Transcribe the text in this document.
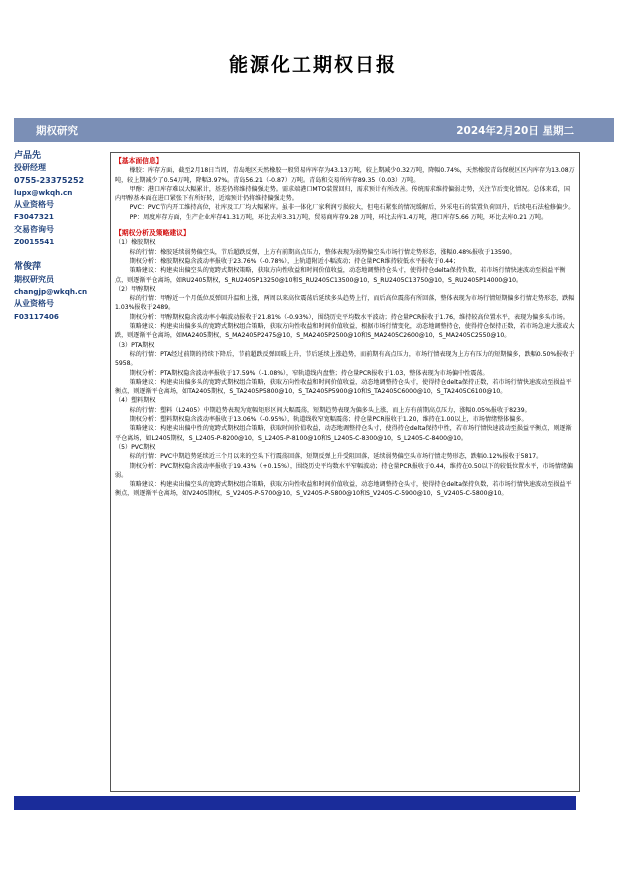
能源化工期权日报
期权研究	2024年2月20日 星期二
卢品先
投研经理
0755-23375252
lupx@wkqh.cn
从业资格号
F3047321
交易咨询号
Z0015541
常俊萍
期权研究员
changjp@wkqh.cn
从业资格号
F03117406

【基本面信息】

橡胶：库存方面，截至2月18日当周，青岛地区天然橡胶一般贸易库库存为43.13万吨，较上期减少0.32万吨，降幅0.74%，天然橡胶青岛保税区区内库存为13.08万吨，较上期减少了0.54万吨，降幅3.97%。青岛56.21（-0.87）万吨。青岛和交易所库存89.35（0.03）万吨。

甲醇：港口库存难以大幅累计，基差仍将维持偏强走势。需求端港口MTO装置回归，需求预计有所改善。传统需求维持偏弱走势，关注节后变化情况。总体来看，国内甲醇基本面在进口紧张下有所好转，近端预计仍将维持偏强走势。

PVC：PVC节内开工维持高位，社库及工厂均大幅累库。虽非一体化厂家利润亏损较大，但电石紧张的情况缓解后，外采电石的装置负荷回升，后续电石法检修偏少。

PP：周度库存方面，生产企业库存41.31万吨，环比去库3.31万吨，贸易商库存9.28 万吨，环比去库1.4万吨，港口库存5.66 万吨，环比去库0.21 万吨。

【期权分析及策略建议】

（1）橡胶期权

标的行情：橡胶延续弱势偏空头，节后超跌反弹，上方有前期高点压力，整体表现为弱势偏空头市场行情走势形态，涨幅0.48%报收于13590。

期权分析：橡胶期权隐含波动率报收于23.76%（-0.78%），上轨道附近小幅波动；持仓量PCR维持较低水平报收于0.44；

策略建议：构建卖出偏空头的宽跨式期权策略，获取方向性收益和时间价值收益，动态地调整持仓头寸，使得持仓delta保持负数，若市场行情快速波动至损益平衡点，则逐渐平仓离场，如RU2405期权，S_RU2405P13250@10和S_RU2405C13500@10，S_RU2405C13750@10，S_RU2405P14000@10。

（2）甲醇期权

标的行情：甲醇近一个月低位反弹回升温和上涨，两周以来高位震荡后延续多头趋势上行，而后高位震荡有所回落，整体表现为市场行情短期偏多行情走势形态，跌幅1.03%报收于2489。

期权分析：甲醇期权隐含波动率小幅波动报收于21.81%（-0.93%），围绕历史平均数水平波动；持仓量PCR报收于1.76，维持较高位置水平，表现为偏多头市场。

策略建议：构建卖出偏多头的宽跨式期权组合策略，获取方向性收益和时间价值收益，根据市场行情变化，动态地调整持仓，使得持仓保持正数，若市场急速大涨或大跌，则逐渐平仓离场，如MA2405期权，S_MA2405P2475@10，S_MA2405P2500@10和S_MA2405C2600@10，S_MA2405C2550@10。

（3）PTA期权

标的行情：PTA经过前期的持续下降后，节前超跌反弹回暖上升，节后延续上涨趋势，而前期有高点压力，市场行情表现为上方有压力的短期偏多，跌幅0.50%报收于5958。

期权分析：PTA期权隐含波动率报收于17.59%（-1.08%），窄轨道线内盘整；持仓量PCR报收于1.03，整体表现为市场偏中性震荡。

策略建议：构建卖出偏多头的宽跨式期权组合策略，获取方向性收益和时间价值收益，动态地调整持仓头寸，使得持仓delta保持正数，若市场行情快速波动至损益平衡点，则逐渐平仓离场，如TA2405期权，S_TA2405P5800@10，S_TA2405P5900@10和S_TA2405C6000@10，S_TA2405C6100@10。

（4）塑料期权

标的行情：塑料（L2405）中期趋势表现为宽幅矩形区间大幅震荡，短期趋势表现为偏多头上涨，而上方有前期高点压力，涨幅0.05%报收于8239。

期权分析：塑料期权隐含波动率报收于13.06%（-0.95%），轨道线收窄宽幅震荡；持仓量PCR报收于1.20，维持在1.00以上，市场情绪整体偏多。

策略建议：构建卖出偏中性的宽跨式期权组合策略，获取时间价值收益，动态地调整持仓头寸，使得持仓delta保持中性，若市场行情快速波动至损益平衡点，则逐渐平仓离场，如L2405期权，S_L2405-P-8200@10，S_L2405-P-8100@10和S_L2405-C-8300@10，S_L2405-C-8400@10。

（5）PVC期权

标的行情：PVC中期趋势延续近三个月以来的空头下行震荡回落，短期反弹上升受阻回落，延续弱势偏空头市场行情走势形态，跌幅0.12%报收于5817。

期权分析：PVC期权隐含波动率报收于19.43%（+0.15%），围绕历史平均数水平窄幅波动；持仓量PCR报收于0.44，维持在0.50以下的较低位置水平，市场情绪偏弱。

策略建议：构建卖出偏空头的宽跨式期权组合策略，获取方向性收益和时间价值收益，动态地调整持仓头寸，使得持仓delta保持负数，若市场行情快速波动至损益平衡点，则逐渐平仓离场，如V2405期权，S_V2405-P-5700@10，S_V2405-P-5800@10和S_V2405-C-5900@10，S_V2405-C-5800@10。
